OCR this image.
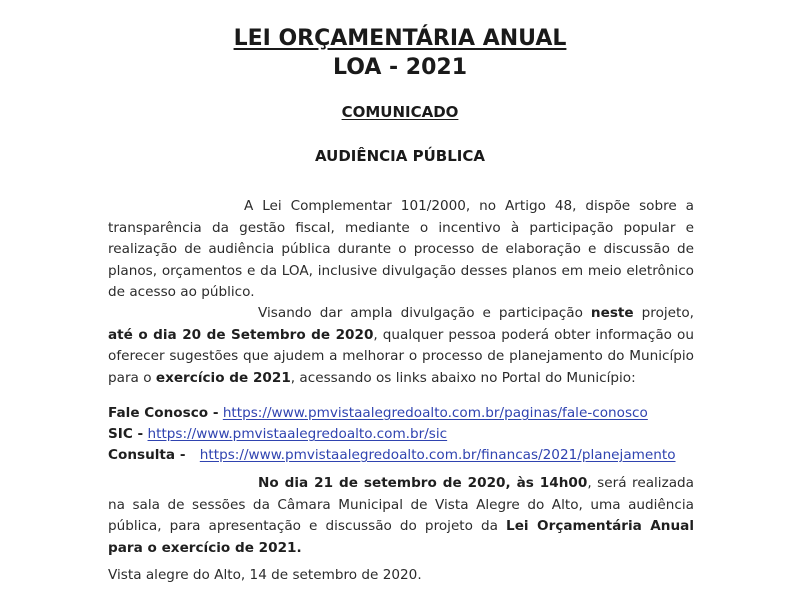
LEI ORÇAMENTÁRIA ANUAL
LOA - 2021
COMUNICADO
AUDIÊNCIA PÚBLICA

A Lei Complementar 101/2000, no Artigo 48, dispõe sobre a transparência da gestão fiscal, mediante o incentivo à participação popular e realização de audiência pública durante o processo de elaboração e discussão de planos, orçamentos e da LOA, inclusive divulgação desses planos em meio eletrônico de acesso ao público.

Visando dar ampla divulgação e participação neste projeto, até o dia 20 de Setembro de 2020, qualquer pessoa poderá obter informação ou oferecer sugestões que ajudem a melhorar o processo de planejamento do Município para o exercício de 2021, acessando os links abaixo no Portal do Município:

Fale Conosco - https://www.pmvistaalegredoalto.com.br/paginas/fale-conosco
SIC - https://www.pmvistaalegredoalto.com.br/sic
Consulta - https://www.pmvistaalegredoalto.com.br/financas/2021/planejamento

No dia 21 de setembro de 2020, às 14h00, será realizada na sala de sessões da Câmara Municipal de Vista Alegre do Alto, uma audiência pública, para apresentação e discussão do projeto da Lei Orçamentária Anual para o exercício de 2021.

Vista alegre do Alto, 14 de setembro de 2020.
